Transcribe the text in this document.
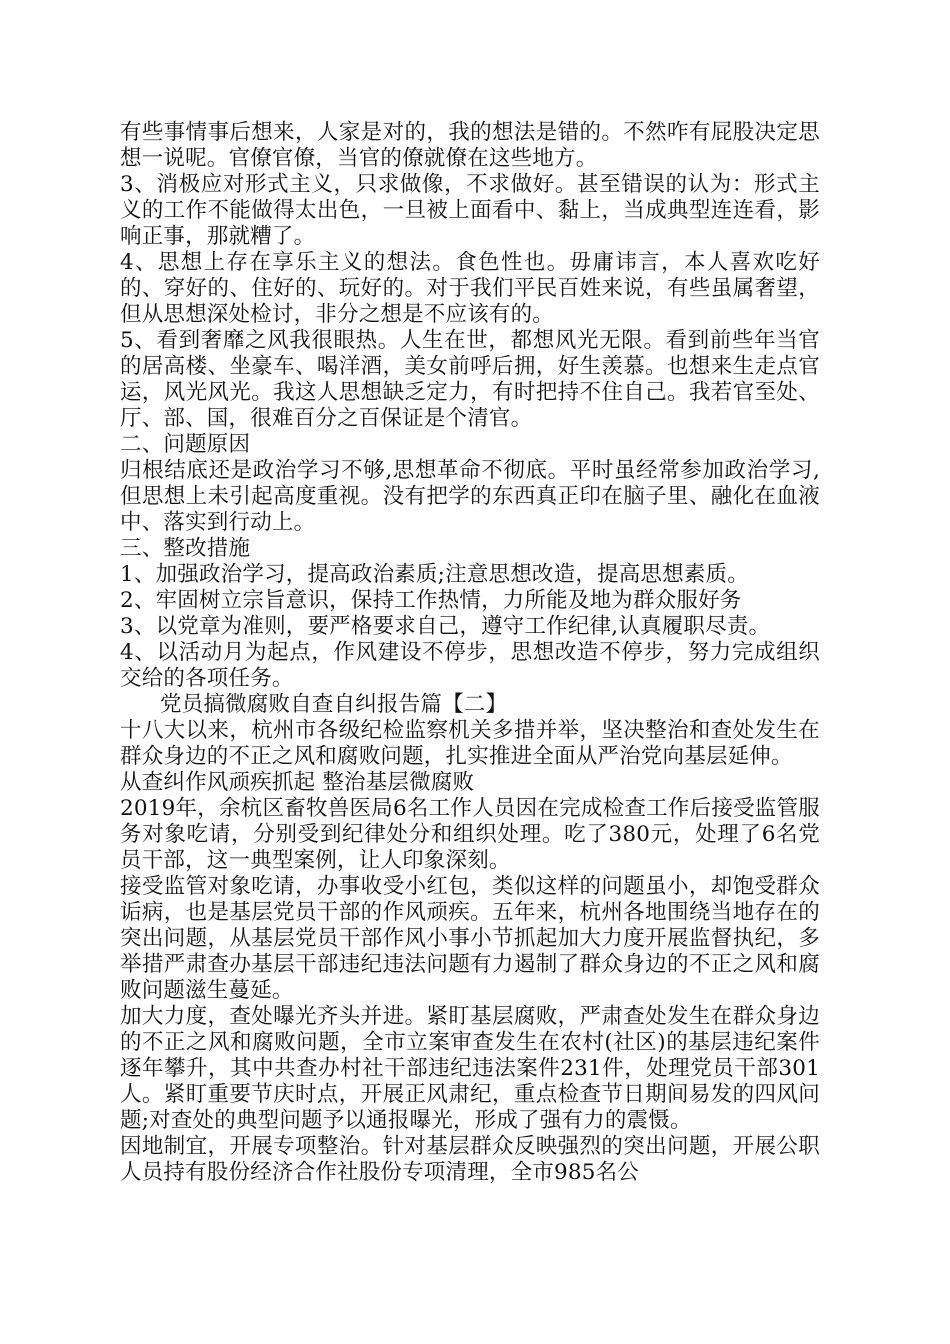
有些事情事后想来，人家是对的，我的想法是错的。不然咋有屁股决定思想一说呢。官僚官僚，当官的僚就僚在这些地方。

3、消极应对形式主义，只求做像，不求做好。甚至错误的认为：形式主义的工作不能做得太出色，一旦被上面看中、黏上，当成典型连连看，影响正事，那就糟了。

4、思想上存在享乐主义的想法。食色性也。毋庸讳言，本人喜欢吃好的、穿好的、住好的、玩好的。对于我们平民百姓来说，有些虽属奢望，但从思想深处检讨，非分之想是不应该有的。

5、看到奢靡之风我很眼热。人生在世，都想风光无限。看到前些年当官的居高楼、坐豪车、喝洋酒，美女前呼后拥，好生羡慕。也想来生走点官运，风光风光。我这人思想缺乏定力，有时把持不住自己。我若官至处、厅、部、国，很难百分之百保证是个清官。

二、问题原因

归根结底还是政治学习不够,思想革命不彻底。平时虽经常参加政治学习,但思想上未引起高度重视。没有把学的东西真正印在脑子里、融化在血液中、落实到行动上。

三、整改措施

1、加强政治学习，提高政治素质;注意思想改造，提高思想素质。

2、牢固树立宗旨意识，保持工作热情，力所能及地为群众服好务

3、以党章为准则，要严格要求自己，遵守工作纪律,认真履职尽责。

4、以活动月为起点，作风建设不停步，思想改造不停步，努力完成组织交给的各项任务。

党员搞微腐败自查自纠报告篇【二】

十八大以来，杭州市各级纪检监察机关多措并举，坚决整治和查处发生在群众身边的不正之风和腐败问题，扎实推进全面从严治党向基层延伸。

从查纠作风顽疾抓起 整治基层微腐败

2019年，余杭区畜牧兽医局6名工作人员因在完成检查工作后接受监管服务对象吃请，分别受到纪律处分和组织处理。吃了380元，处理了6名党员干部，这一典型案例，让人印象深刻。

接受监管对象吃请，办事收受小红包，类似这样的问题虽小，却饱受群众诟病，也是基层党员干部的作风顽疾。五年来，杭州各地围绕当地存在的突出问题，从基层党员干部作风小事小节抓起加大力度开展监督执纪，多举措严肃查办基层干部违纪违法问题有力遏制了群众身边的不正之风和腐败问题滋生蔓延。

加大力度，查处曝光齐头并进。紧盯基层腐败，严肃查处发生在群众身边的不正之风和腐败问题，全市立案审查发生在农村(社区)的基层违纪案件逐年攀升，其中共查办村社干部违纪违法案件231件，处理党员干部301人。紧盯重要节庆时点，开展正风肃纪，重点检查节日期间易发的四风问题;对查处的典型问题予以通报曝光，形成了强有力的震慑。

因地制宜，开展专项整治。针对基层群众反映强烈的突出问题，开展公职人员持有股份经济合作社股份专项清理，全市985名公
